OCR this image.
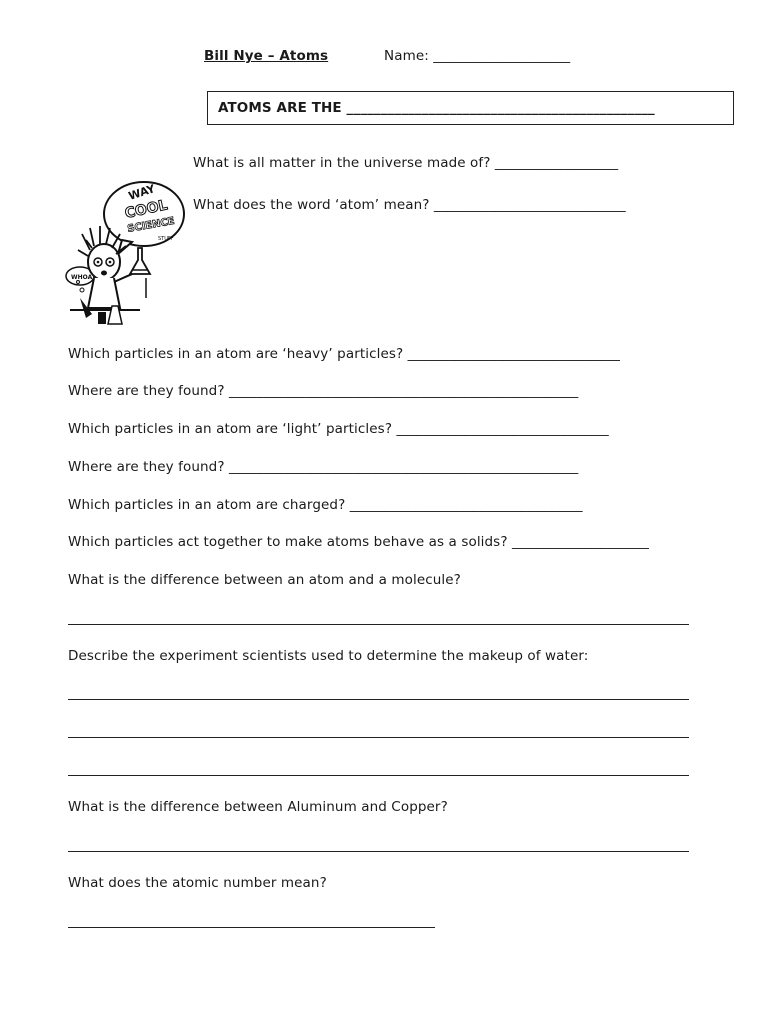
Bill Nye – Atoms	Name: ____________________
ATOMS ARE THE _____________________________________________
WAY
COOL
SCIENCE
STUFF
WHOA
What is all matter in the universe made of? __________________
What does the word ‘atom’ mean? ____________________________
Which particles in an atom are ‘heavy’ particles? _______________________________
Where are they found? ___________________________________________________
Which particles in an atom are ‘light’ particles? _______________________________
Where are they found? ___________________________________________________
Which particles in an atom are charged? __________________________________
Which particles act together to make atoms behave as a solids? ____________________
What is the difference between an atom and a molecule?
Describe the experiment scientists used to determine the makeup of water:
What is the difference between Aluminum and Copper?
What does the atomic number mean?
